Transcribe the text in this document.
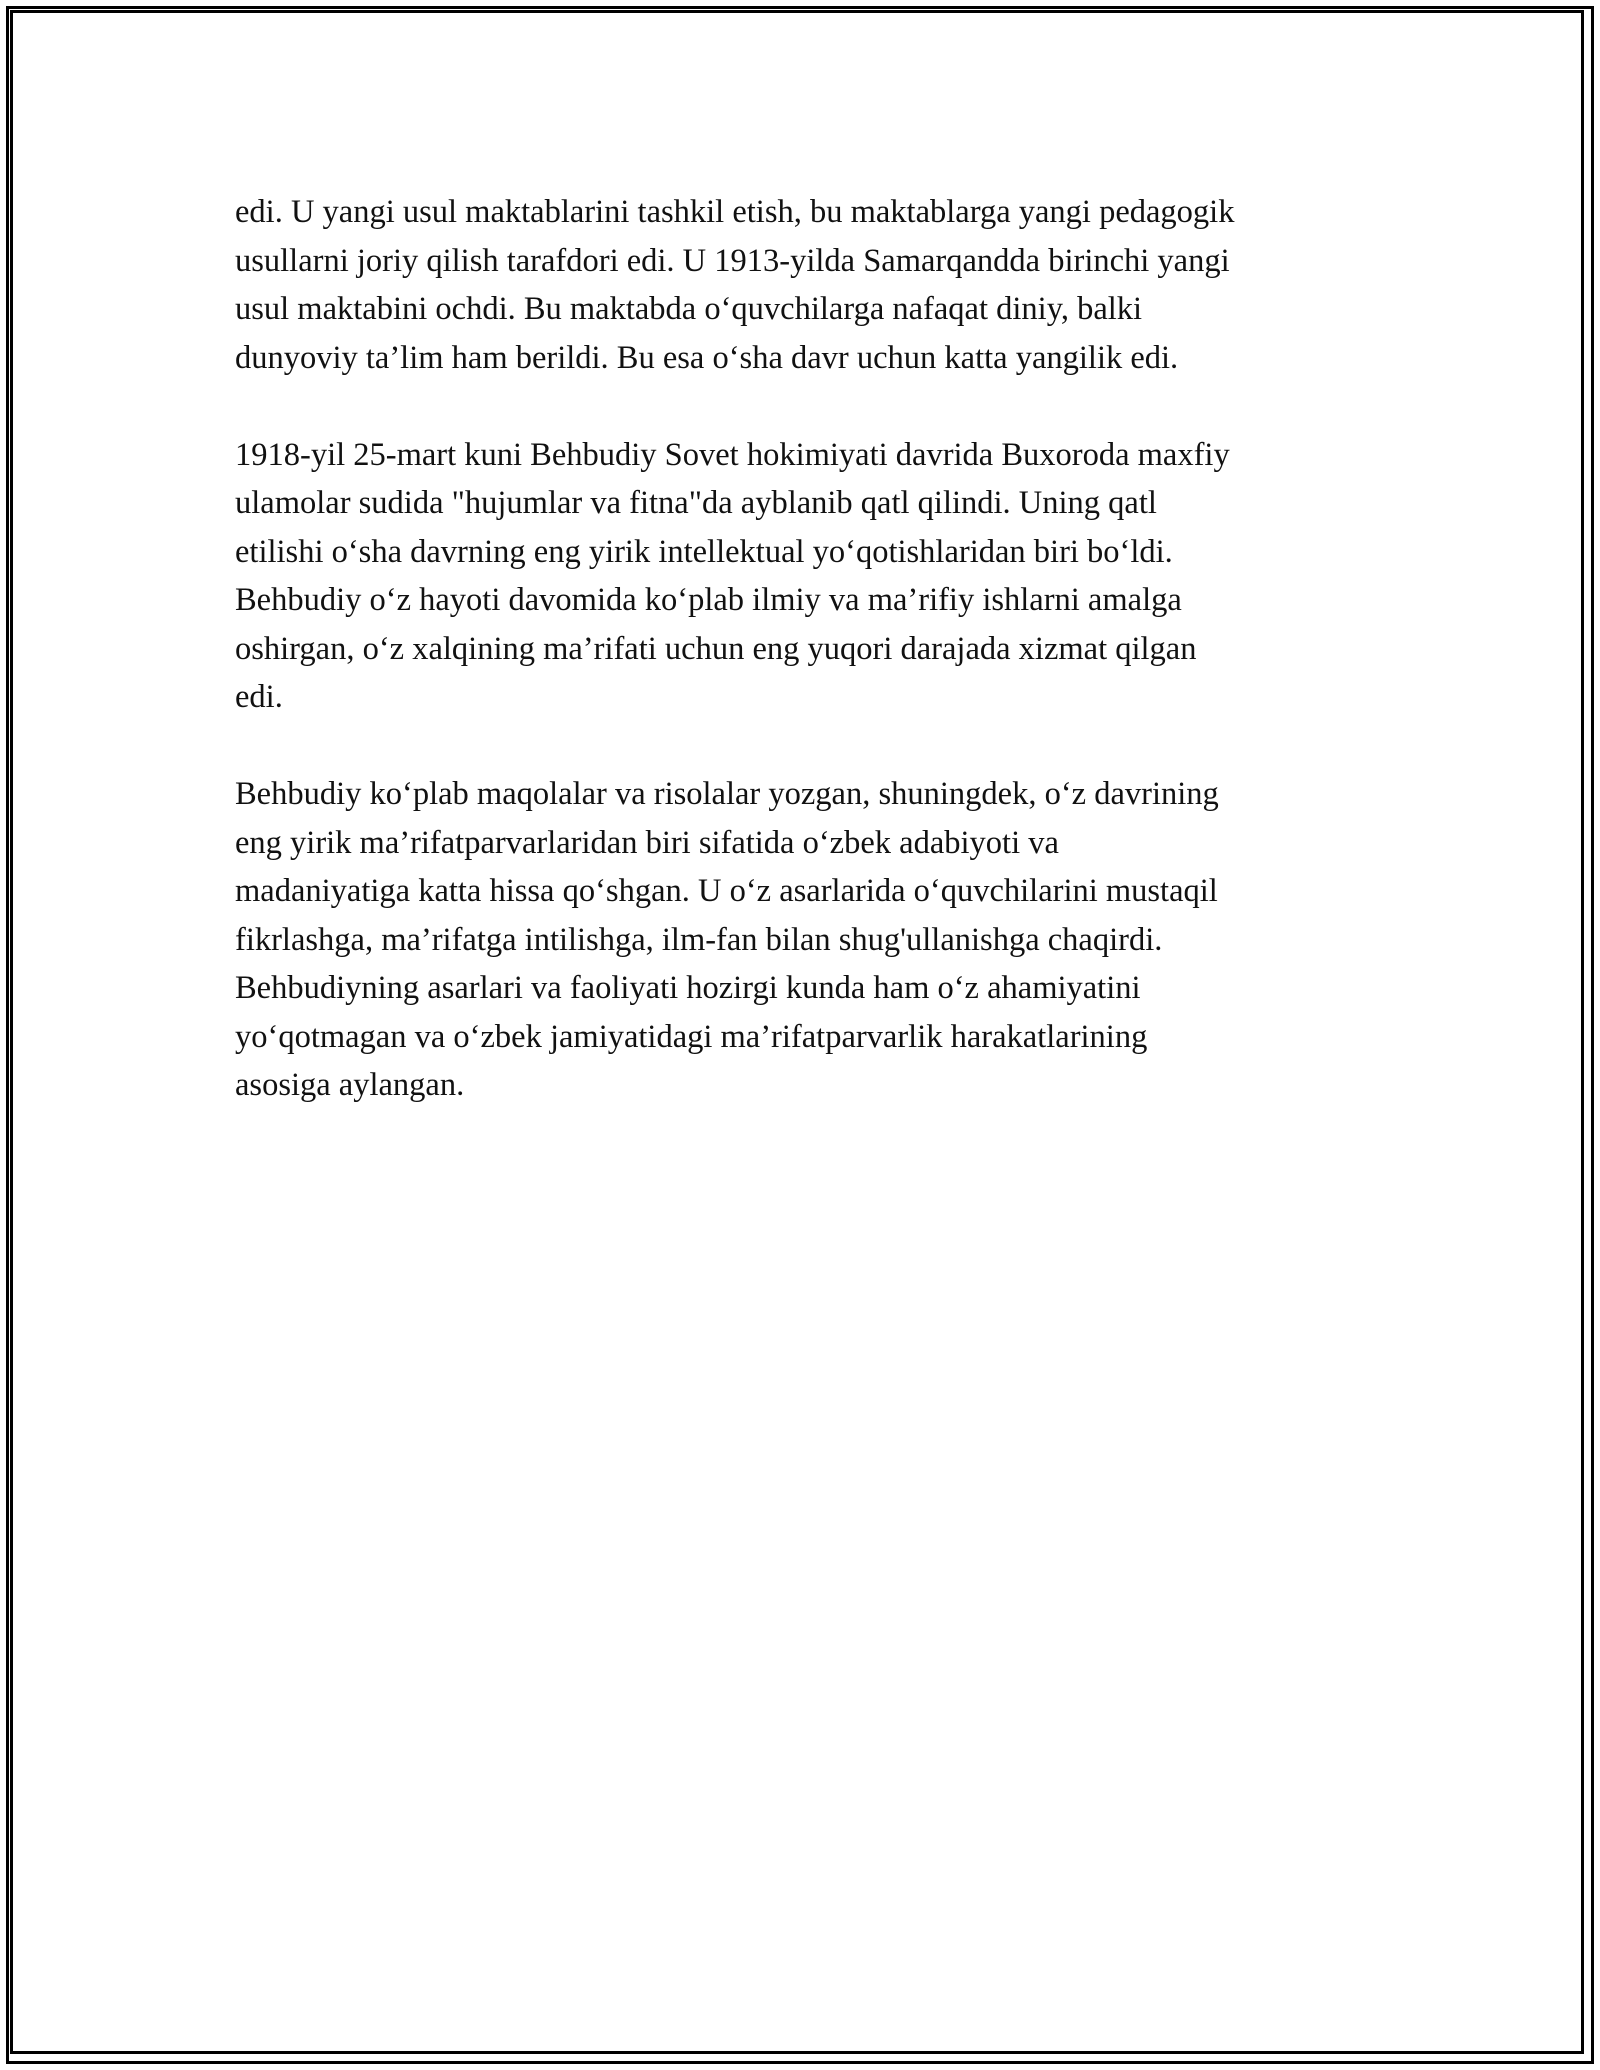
edi. U yangi usul maktablarini tashkil etish, bu maktablarga yangi pedagogik
usullarni joriy qilish tarafdori edi. U 1913-yilda Samarqandda birinchi yangi
usul maktabini ochdi. Bu maktabda o‘quvchilarga nafaqat diniy, balki
dunyoviy ta’lim ham berildi. Bu esa o‘sha davr uchun katta yangilik edi.

1918-yil 25-mart kuni Behbudiy Sovet hokimiyati davrida Buxoroda maxfiy
ulamolar sudida "hujumlar va fitna"da ayblanib qatl qilindi. Uning qatl
etilishi o‘sha davrning eng yirik intellektual yo‘qotishlaridan biri bo‘ldi.
Behbudiy o‘z hayoti davomida ko‘plab ilmiy va ma’rifiy ishlarni amalga
oshirgan, o‘z xalqining ma’rifati uchun eng yuqori darajada xizmat qilgan
edi.

Behbudiy ko‘plab maqolalar va risolalar yozgan, shuningdek, o‘z davrining
eng yirik ma’rifatparvarlaridan biri sifatida o‘zbek adabiyoti va
madaniyatiga katta hissa qo‘shgan. U o‘z asarlarida o‘quvchilarini mustaqil
fikrlashga, ma’rifatga intilishga, ilm-fan bilan shug'ullanishga chaqirdi.
Behbudiyning asarlari va faoliyati hozirgi kunda ham o‘z ahamiyatini
yo‘qotmagan va o‘zbek jamiyatidagi ma’rifatparvarlik harakatlarining
asosiga aylangan.
